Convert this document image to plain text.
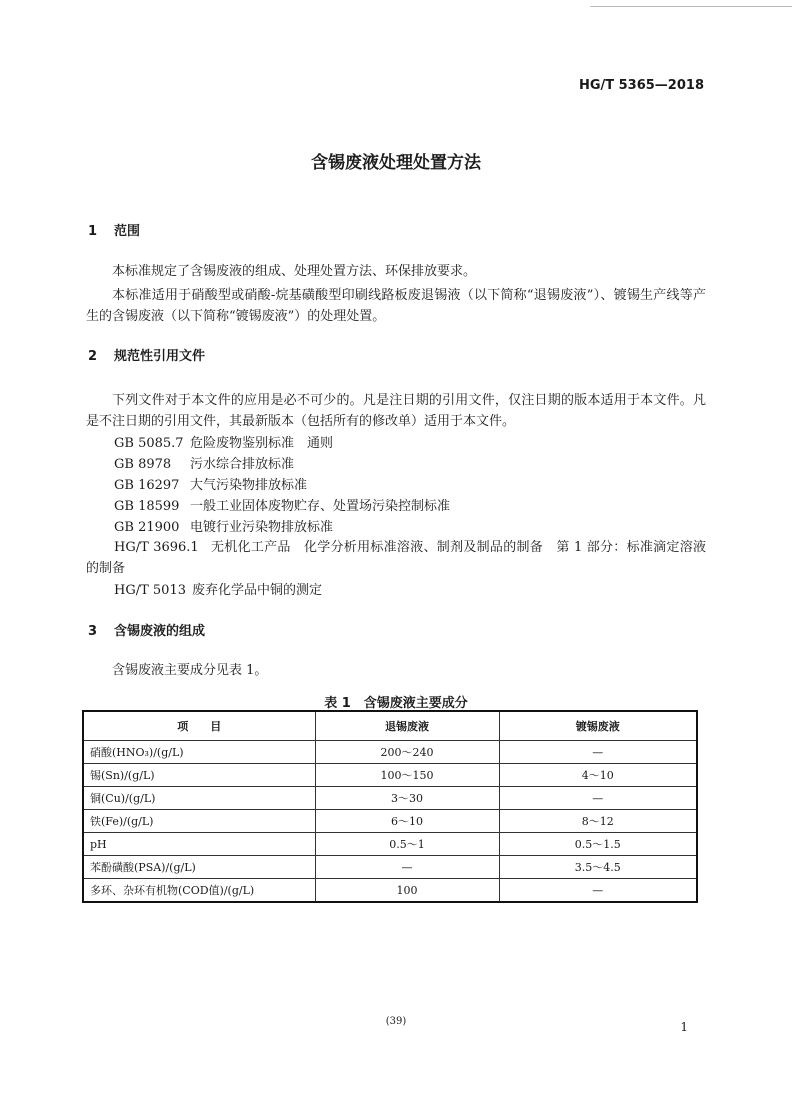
HG/T 5365—2018
含锡废液处理处置方法
1 范围
本标准规定了含锡废液的组成、处理处置方法、环保排放要求。
本标准适用于硝酸型或硝酸-烷基磺酸型印刷线路板废退锡液（以下简称“退锡废液”）、镀锡生产线等产生的含锡废液（以下简称“镀锡废液”）的处理处置。
2 规范性引用文件
下列文件对于本文件的应用是必不可少的。凡是注日期的引用文件，仅注日期的版本适用于本文件。凡是不注日期的引用文件，其最新版本（包括所有的修改单）适用于本文件。
GB 5085.7 危险废物鉴别标准　通则
GB 8978 污水综合排放标准
GB 16297 大气污染物排放标准
GB 18599 一般工业固体废物贮存、处置场污染控制标准
GB 21900 电镀行业污染物排放标准
HG/T 3696.1 无机化工产品　化学分析用标准溶液、制剂及制品的制备　第 1 部分：标准滴定溶液的制备
HG/T 5013 废弃化学品中铜的测定
3 含锡废液的组成
含锡废液主要成分见表 1。
表 1　含锡废液主要成分
项　　目	退锡废液	镀锡废液
硝酸(HNO₃)/(g/L)	200～240	—
锡(Sn)/(g/L)	100～150	4～10
铜(Cu)/(g/L)	3～30	—
铁(Fe)/(g/L)	6～10	8～12
pH	0.5～1	0.5～1.5
苯酚磺酸(PSA)/(g/L)	—	3.5～4.5
多环、杂环有机物(COD值)/(g/L)	100	—
(39)	1
